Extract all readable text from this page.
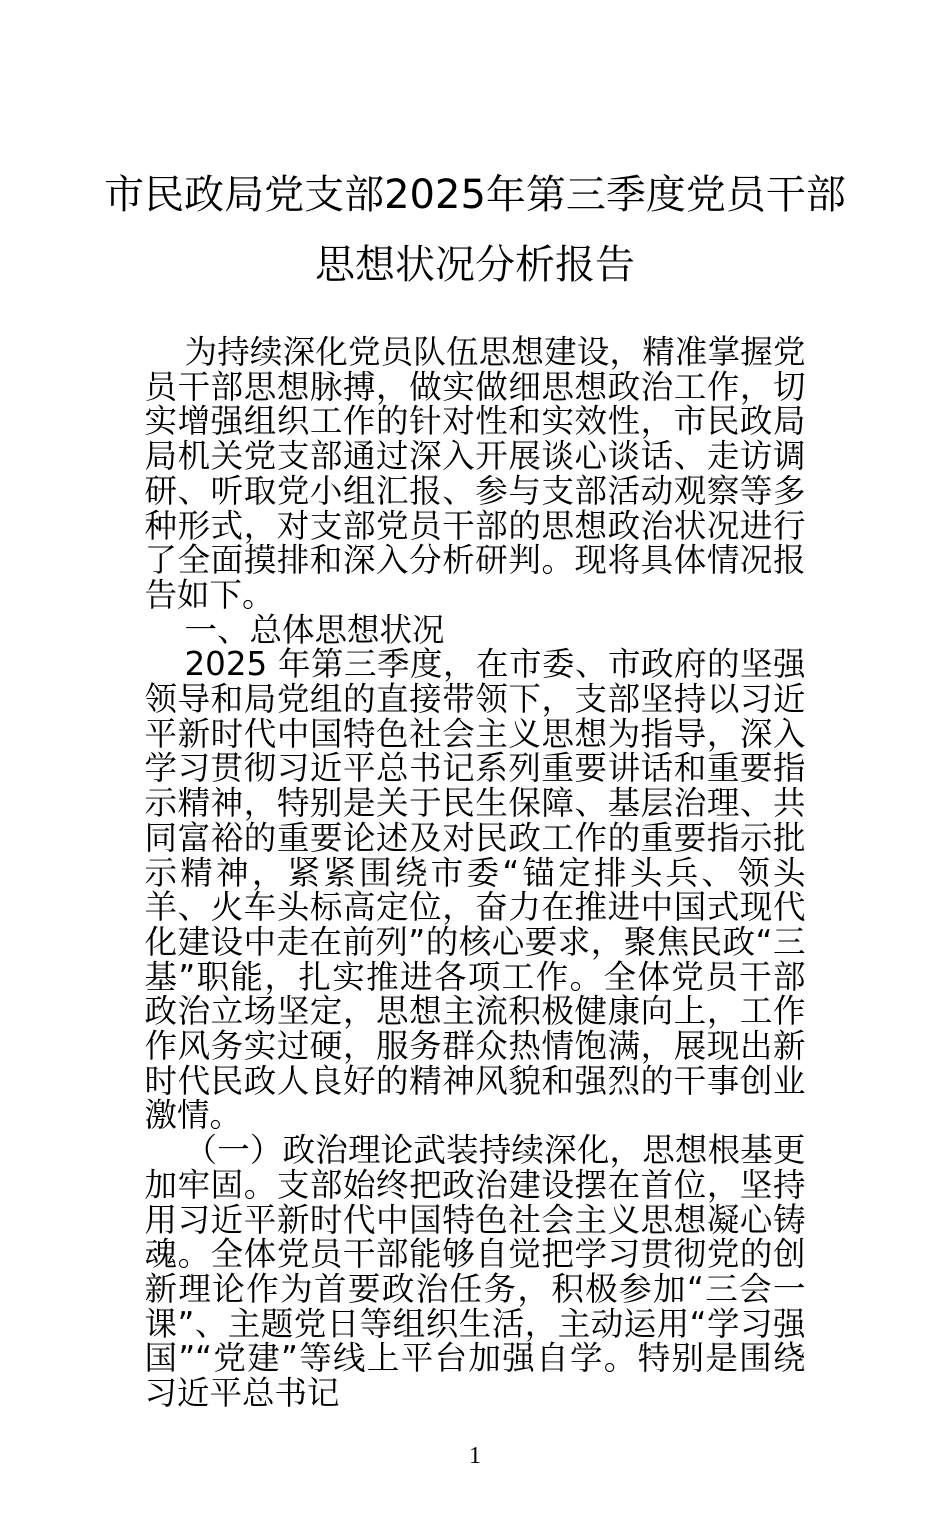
市民政局党支部2025年第三季度党员干部
思想状况分析报告

为持续深化党员队伍思想建设，精准掌握党员干部思想脉搏，做实做细思想政治工作，切实增强组织工作的针对性和实效性，市民政局局机关党支部通过深入开展谈心谈话、走访调研、听取党小组汇报、参与支部活动观察等多种形式，对支部党员干部的思想政治状况进行了全面摸排和深入分析研判。现将具体情况报告如下。

一、总体思想状况

2025 年第三季度，在市委、市政府的坚强领导和局党组的直接带领下，支部坚持以习近平新时代中国特色社会主义思想为指导，深入学习贯彻习近平总书记系列重要讲话和重要指示精神，特别是关于民生保障、基层治理、共同富裕的重要论述及对民政工作的重要指示批示精神，紧紧围绕市委“锚定排头兵、领头羊、火车头标高定位，奋力在推进中国式现代化建设中走在前列”的核心要求，聚焦民政“三基”职能，扎实推进各项工作。全体党员干部政治立场坚定，思想主流积极健康向上，工作作风务实过硬，服务群众热情饱满，展现出新时代民政人良好的精神风貌和强烈的干事创业激情。

（一）政治理论武装持续深化，思想根基更加牢固。支部始终把政治建设摆在首位，坚持用习近平新时代中国特色社会主义思想凝心铸魂。全体党员干部能够自觉把学习贯彻党的创新理论作为首要政治任务，积极参加“三会一课”、主题党日等组织生活，主动运用“学习强国”“党建”等线上平台加强自学。特别是围绕习近平总书记

1
